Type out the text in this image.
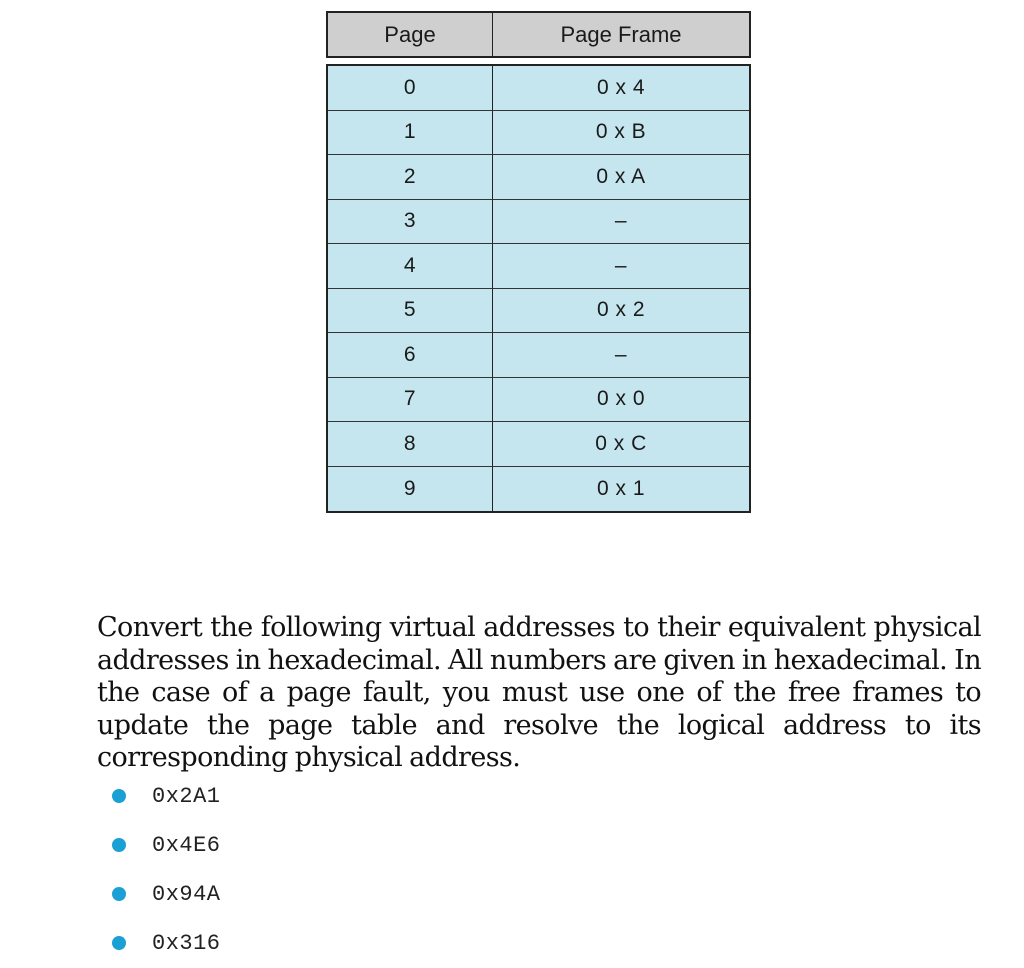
Page	Page Frame
0	0 x 4
1	0 x B
2	0 x A
3	–
4	–
5	0 x 2
6	–
7	0 x 0
8	0 x C
9	0 x 1

Convert the following virtual addresses to their equivalent physical addresses in hexadecimal. All numbers are given in hexadecimal. In the case of a page fault, you must use one of the free frames to update the page table and resolve the logical address to its corresponding physical address.

0x2A1
0x4E6
0x94A
0x316
